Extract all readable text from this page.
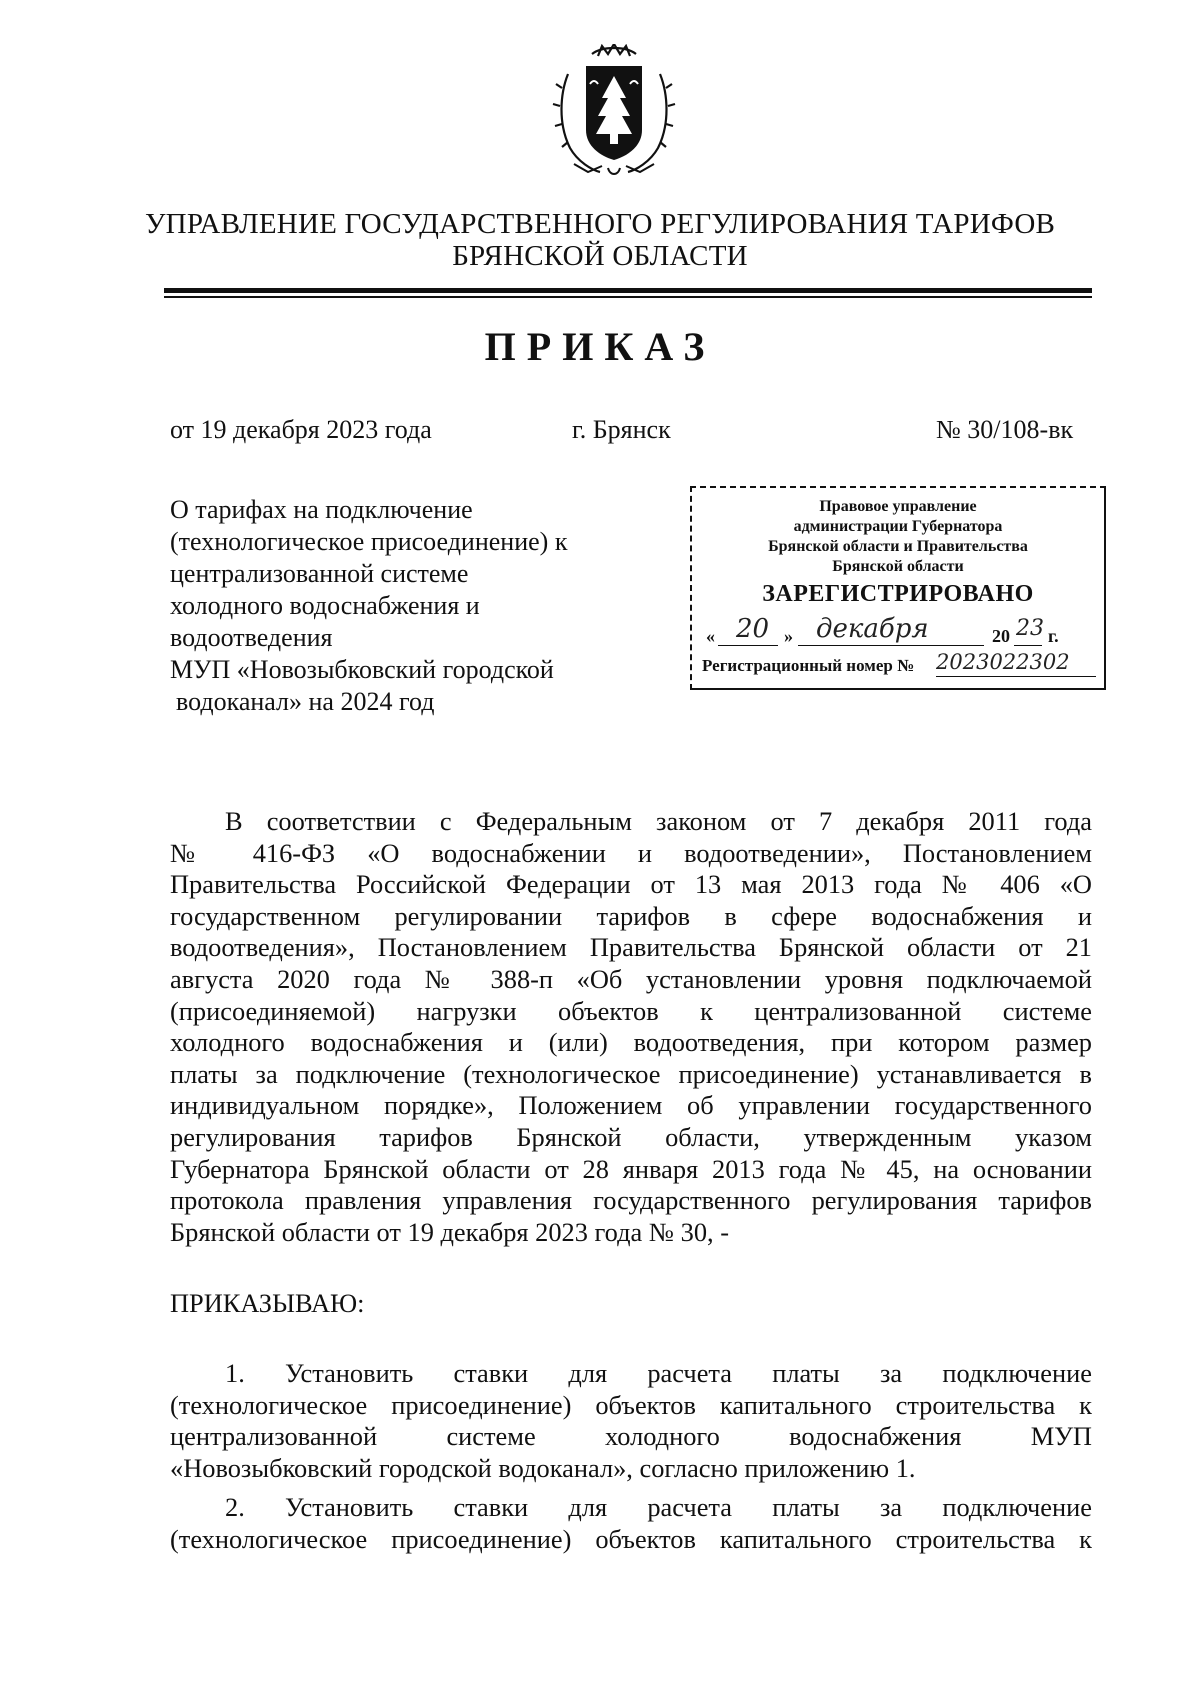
УПРАВЛЕНИЕ ГОСУДАРСТВЕННОГО РЕГУЛИРОВАНИЯ ТАРИФОВ
БРЯНСКОЙ ОБЛАСТИ
ПРИКАЗ
от 19 декабря 2023 года	г. Брянск	№ 30/108-вк
О тарифах на подключение
(технологическое присоединение) к
централизованной системе
холодного водоснабжения и
водоотведения
МУП «Новозыбковский городской
водоканал» на 2024 год
Правовое управление
администрации Губернатора
Брянской области и Правительства
Брянской области
ЗАРЕГИСТРИРОВАНО
« 20 » декабря	20 23 г.
Регистрационный номер № 2023022302
В соответствии с Федеральным законом от 7 декабря 2011 года
№ 416-ФЗ «О водоснабжении и водоотведении», Постановлением
Правительства Российской Федерации от 13 мая 2013 года № 406 «О
государственном регулировании тарифов в сфере водоснабжения и
водоотведения», Постановлением Правительства Брянской области от 21
августа 2020 года № 388-п «Об установлении уровня подключаемой
(присоединяемой) нагрузки объектов к централизованной системе
холодного водоснабжения и (или) водоотведения, при котором размер
платы за подключение (технологическое присоединение) устанавливается в
индивидуальном порядке», Положением об управлении государственного
регулирования тарифов Брянской области, утвержденным указом
Губернатора Брянской области от 28 января 2013 года № 45, на основании
протокола правления управления государственного регулирования тарифов
Брянской области от 19 декабря 2023 года № 30, -
ПРИКАЗЫВАЮ:
1. Установить ставки для расчета платы за подключение
(технологическое присоединение) объектов капитального строительства к
централизованной системе холодного водоснабжения МУП
«Новозыбковский городской водоканал», согласно приложению 1.
2. Установить ставки для расчета платы за подключение
(технологическое присоединение) объектов капитального строительства к
